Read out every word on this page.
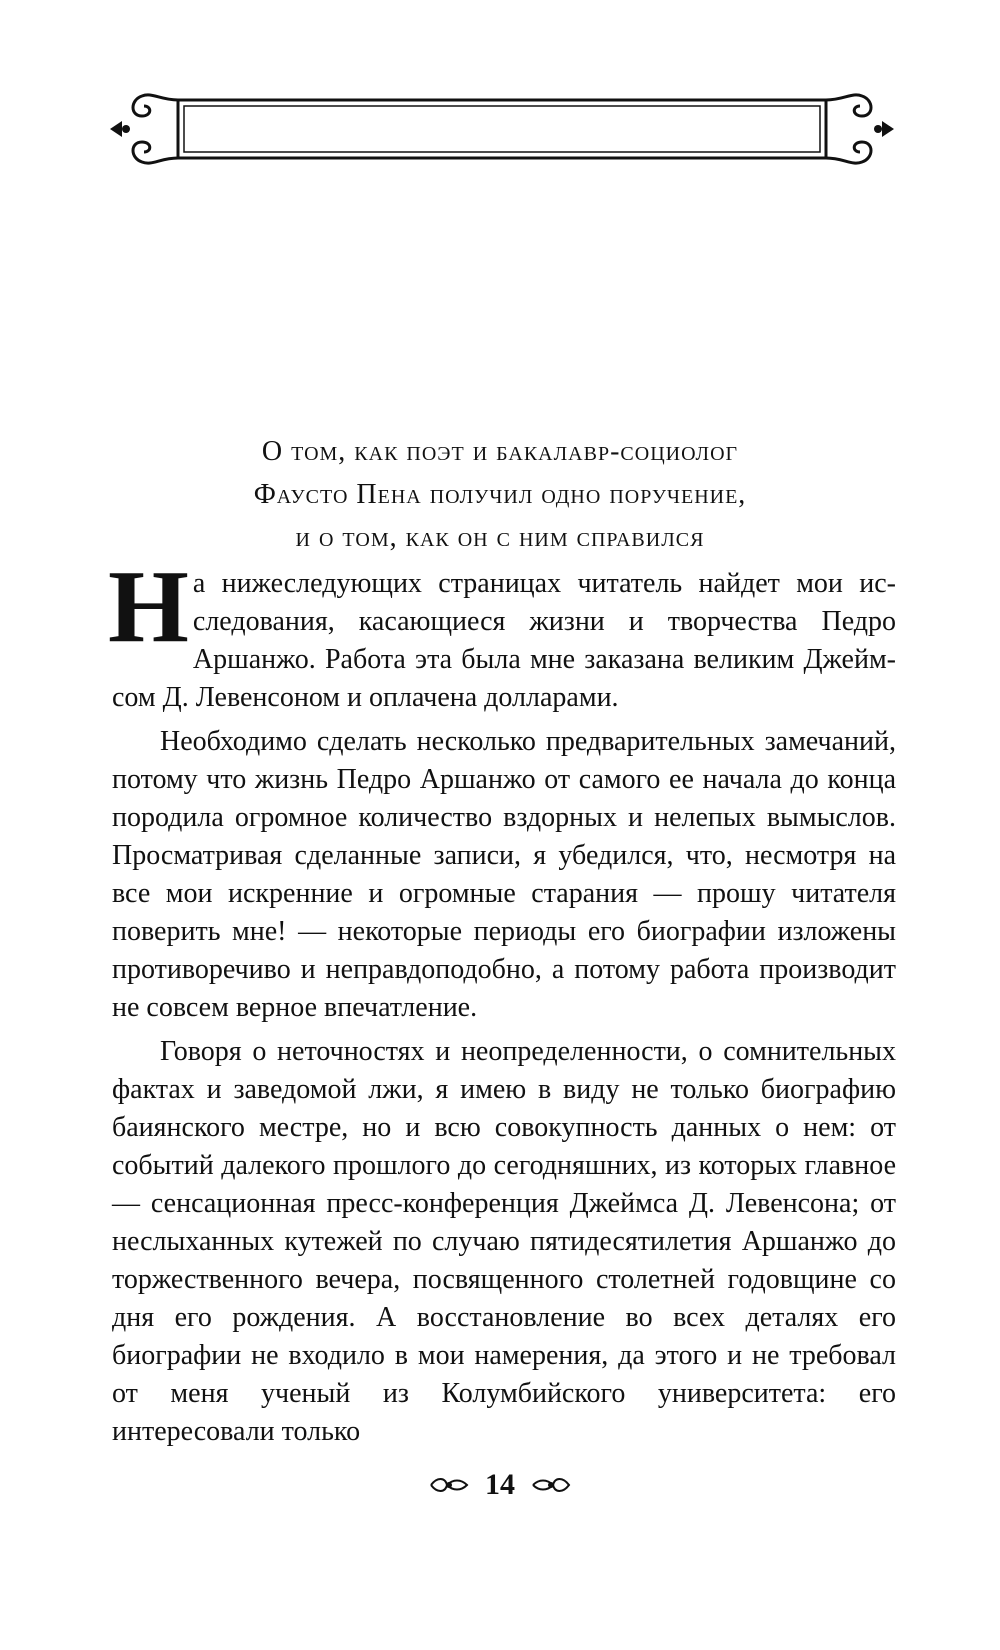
О том, как поэт и бакалавр-социолог
Фаусто Пена получил одно поручение,
и о том, как он с ним справился

Н а нижеследующих страницах читатель найдет мои исследования, касающиеся жизни и творчества Педро Аршанжо. Работа эта была мне заказана великим Джеймсом Д. Левенсоном и оплачена долларами.

Необходимо сделать несколько предварительных замечаний, потому что жизнь Педро Аршанжо от самого ее начала до конца породила огромное количество вздорных и нелепых вымыслов. Просматривая сделанные записи, я убедился, что, несмотря на все мои искренние и огромные старания — прошу читателя поверить мне! — некоторые периоды его биографии изложены противоречиво и неправдоподобно, а потому работа производит не совсем верное впечатление.

Говоря о неточностях и неопределенности, о сомнительных фактах и заведомой лжи, я имею в виду не только биографию баиянского местре, но и всю совокупность данных о нем: от событий далекого прошлого до сегодняшних, из которых главное — сенсационная пресс-конференция Джеймса Д. Левенсона; от неслыханных кутежей по случаю пятидесятилетия Аршанжо до торжественного вечера, посвященного столетней годовщине со дня его рождения. А восстановление во всех деталях его биографии не входило в мои намерения, да этого и не требовал от меня ученый из Колумбийского университета: его интересовали только

14
